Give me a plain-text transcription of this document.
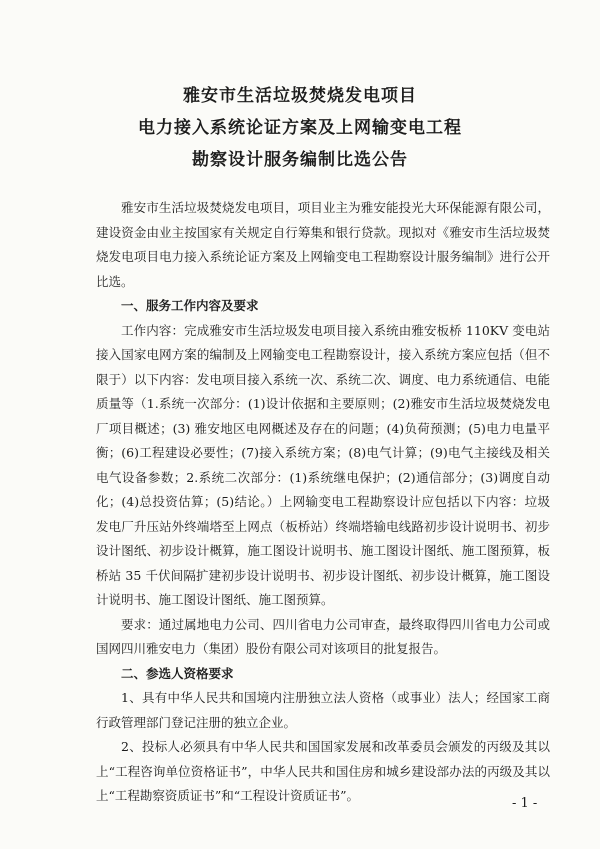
雅安市生活垃圾焚烧发电项目
电力接入系统论证方案及上网输变电工程
勘察设计服务编制比选公告

雅安市生活垃圾焚烧发电项目，项目业主为雅安能投光大环保能源有限公司，建设资金由业主按国家有关规定自行筹集和银行贷款。现拟对《雅安市生活垃圾焚烧发电项目电力接入系统论证方案及上网输变电工程勘察设计服务编制》进行公开比选。

一、服务工作内容及要求

工作内容：完成雅安市生活垃圾发电项目接入系统由雅安板桥 110KV 变电站接入国家电网方案的编制及上网输变电工程勘察设计，接入系统方案应包括（但不限于）以下内容：发电项目接入系统一次、系统二次、调度、电力系统通信、电能质量等（1.系统一次部分：(1)设计依据和主要原则；(2)雅安市生活垃圾焚烧发电厂项目概述；(3) 雅安地区电网概述及存在的问题；(4)负荷预测；(5)电力电量平衡；(6)工程建设必要性；(7)接入系统方案；(8)电气计算；(9)电气主接线及相关电气设备参数；2.系统二次部分：(1)系统继电保护；(2)通信部分；(3)调度自动化；(4)总投资估算；(5)结论。）上网输变电工程勘察设计应包括以下内容：垃圾发电厂升压站外终端塔至上网点（板桥站）终端塔输电线路初步设计说明书、初步设计图纸、初步设计概算，施工图设计说明书、施工图设计图纸、施工图预算，板桥站 35 千伏间隔扩建初步设计说明书、初步设计图纸、初步设计概算，施工图设计说明书、施工图设计图纸、施工图预算。

要求：通过属地电力公司、四川省电力公司审查，最终取得四川省电力公司或国网四川雅安电力（集团）股份有限公司对该项目的批复报告。

二、参选人资格要求

1、具有中华人民共和国境内注册独立法人资格（或事业）法人；经国家工商行政管理部门登记注册的独立企业。

2、投标人必须具有中华人民共和国国家发展和改革委员会颁发的丙级及其以上“工程咨询单位资格证书”，中华人民共和国住房和城乡建设部办法的丙级及其以上“工程勘察资质证书”和“工程设计资质证书”。

- 1 -
